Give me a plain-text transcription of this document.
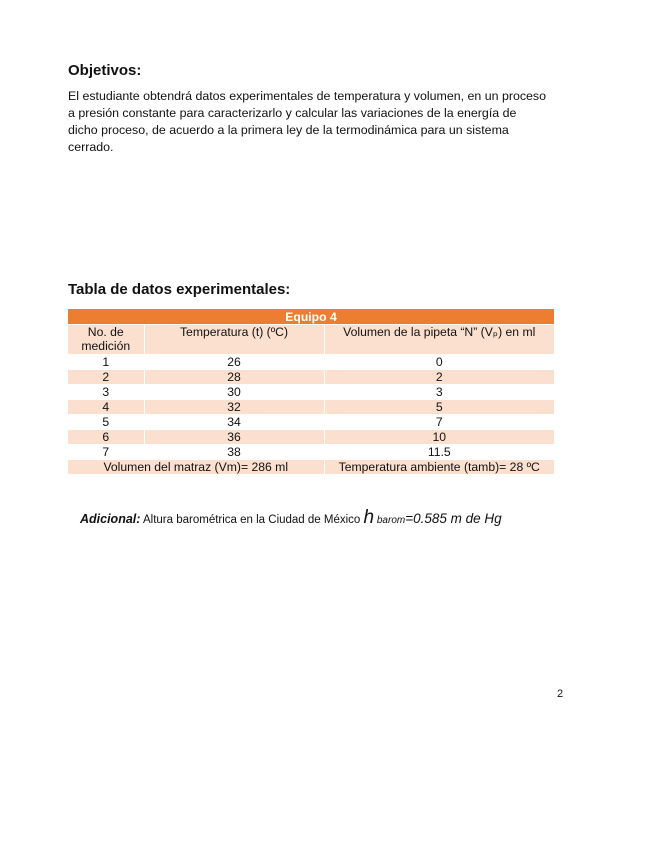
Objetivos:
El estudiante obtendrá datos experimentales de temperatura y volumen, en un proceso
a presión constante para caracterizarlo y calcular las variaciones de la energía de
dicho proceso, de acuerdo a la primera ley de la termodinámica para un sistema
cerrado.
Tabla de datos experimentales:
Equipo 4		
No. de medición	Temperatura (t) (ºC)	Volumen de la pipeta “N” (Vₚ) en ml
1	26	0
2	28	2
3	30	3
4	32	5
5	34	7
6	36	10
7	38	11.5
Volumen del matraz (Vm)= 286 ml		Temperatura ambiente (tamb)= 28 ºC
Adicional: Altura barométrica en la Ciudad de México h barom=0.585 m de Hg
2
